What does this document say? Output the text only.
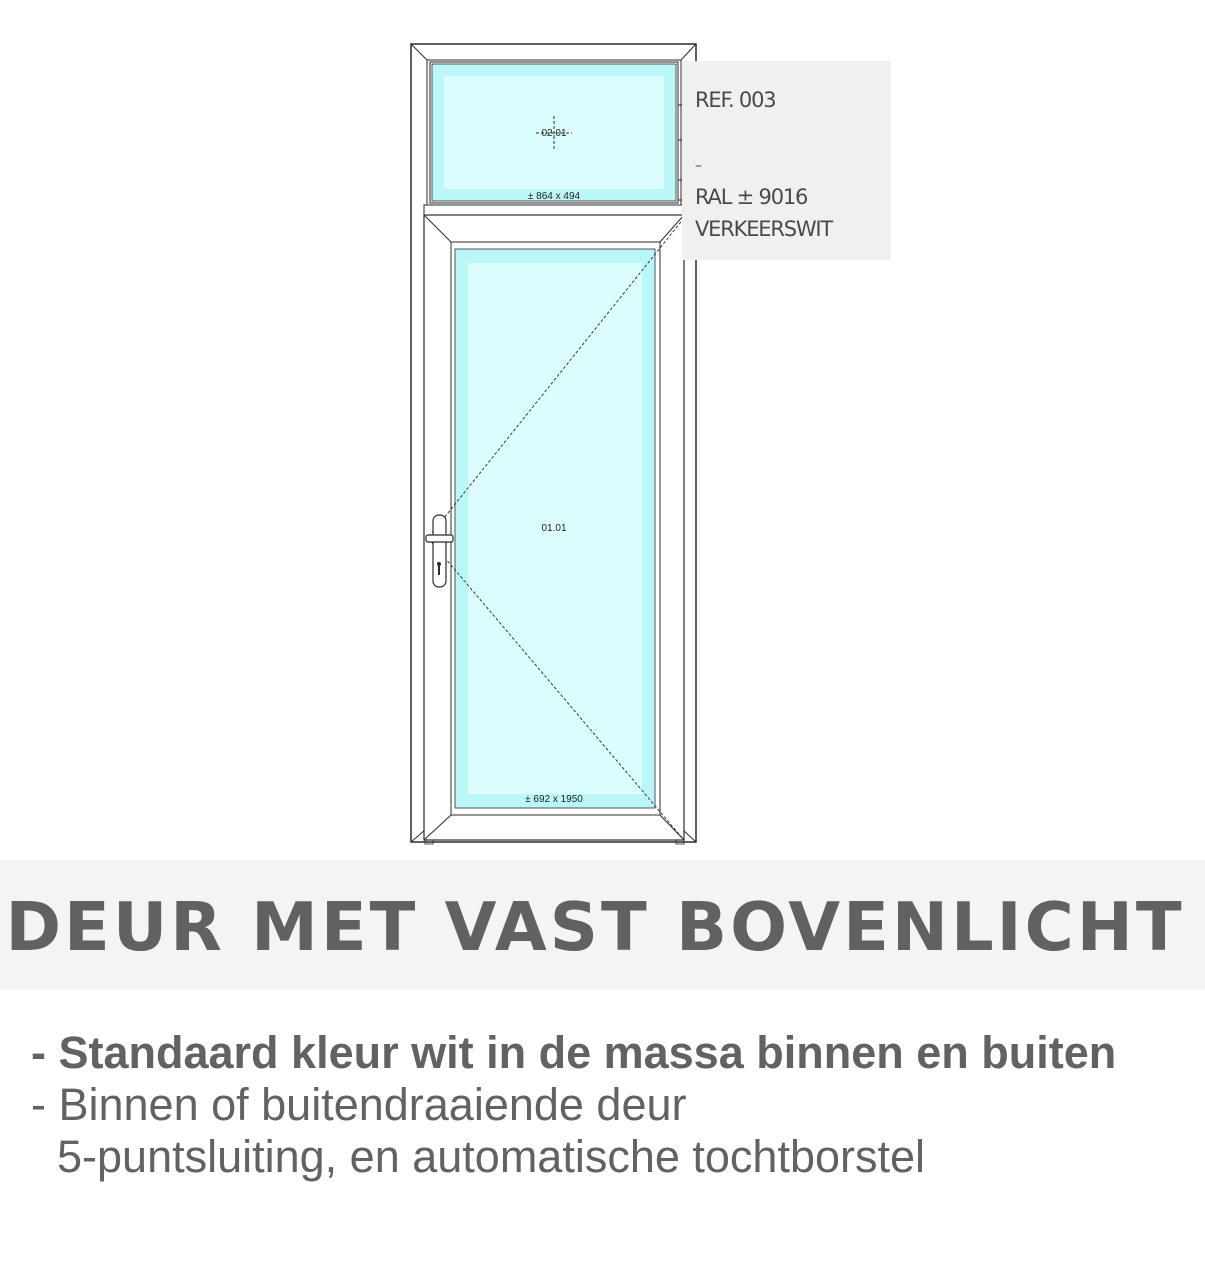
02.01
± 864 x 494
01.01
± 692 x 1950
REF. 003
–
RAL ± 9016
VERKEERSWIT
DEUR MET VAST BOVENLICHT
- Standaard kleur wit in de massa binnen en buiten
- Binnen of buitendraaiende deur
5-puntsluiting, en automatische tochtborstel
